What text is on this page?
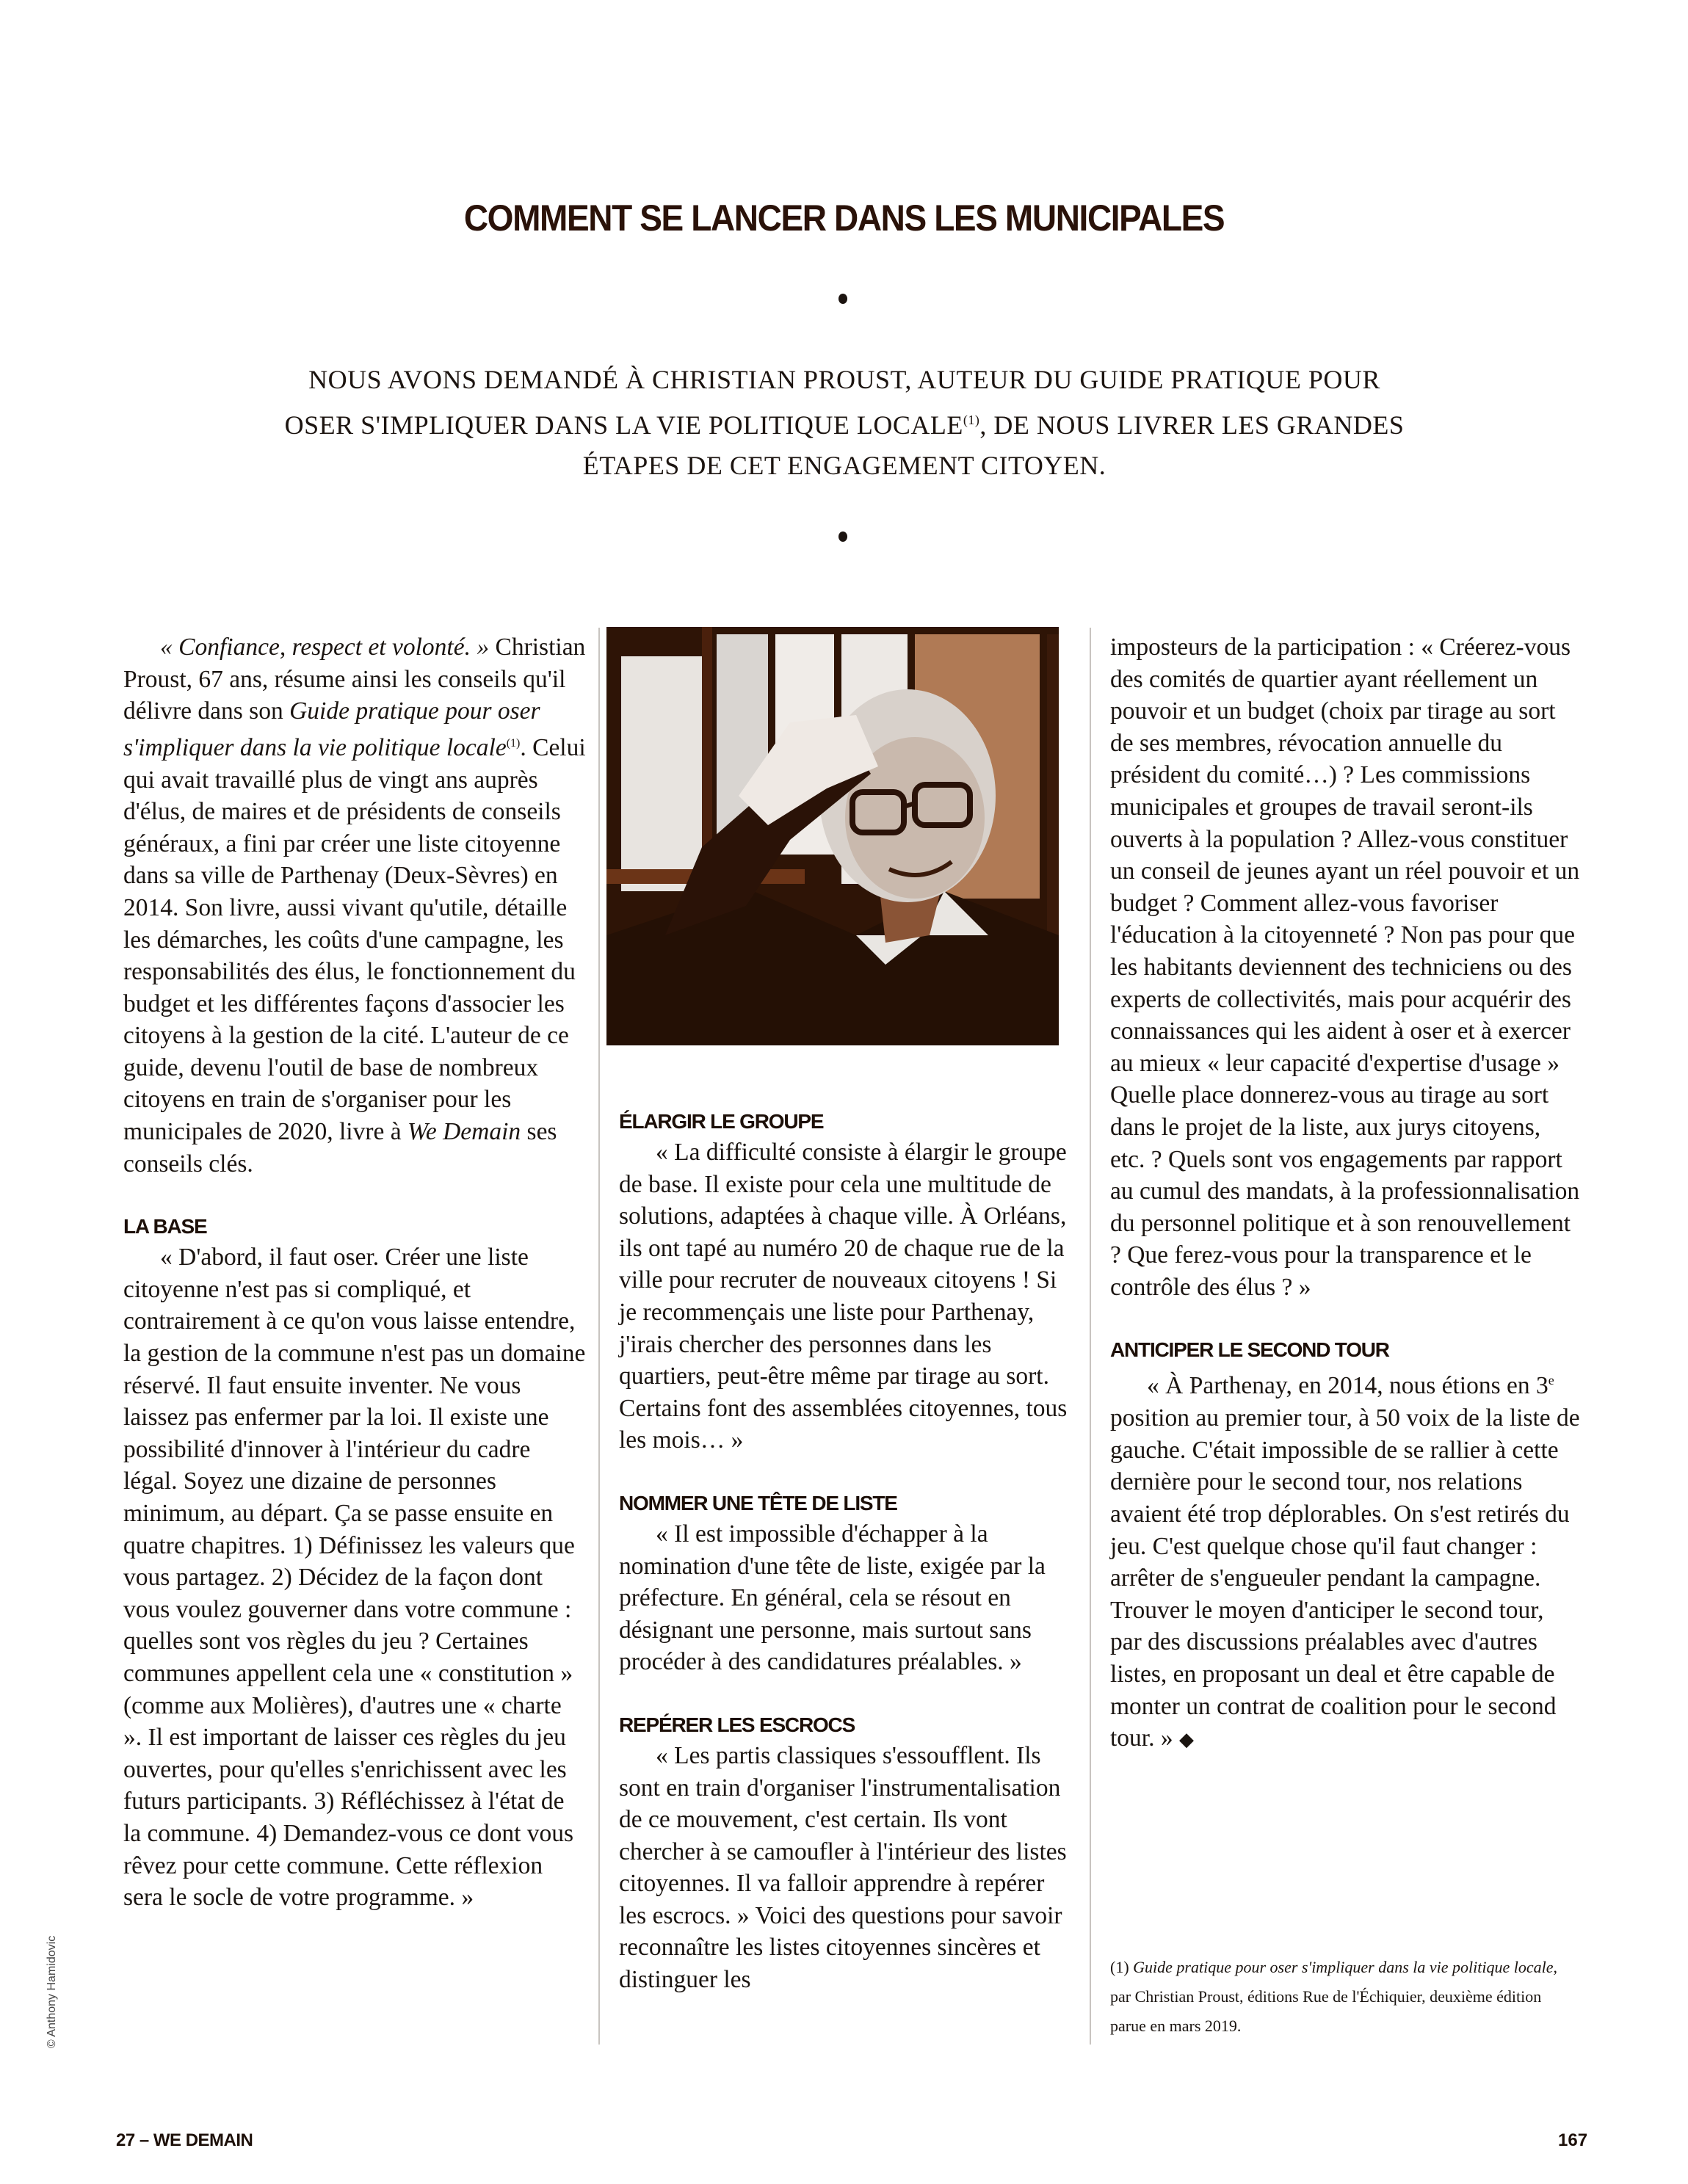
COMMENT SE LANCER DANS LES MUNICIPALES
NOUS AVONS DEMANDÉ À CHRISTIAN PROUST, AUTEUR DU GUIDE PRATIQUE POUR OSER S'IMPLIQUER DANS LA VIE POLITIQUE LOCALE$^{(1)}$, DE NOUS LIVRER LES GRANDES ÉTAPES DE CET ENGAGEMENT CITOYEN.

« Confiance, respect et volonté. » Christian Proust, 67 ans, résume ainsi les conseils qu'il délivre dans son Guide pratique pour oser s'impliquer dans la vie politique locale$^{(1)}$. Celui qui avait travaillé plus de vingt ans auprès d'élus, de maires et de présidents de conseils généraux, a fini par créer une liste citoyenne dans sa ville de Parthenay (Deux-Sèvres) en 2014. Son livre, aussi vivant qu'utile, détaille les démarches, les coûts d'une campagne, les responsabilités des élus, le fonctionnement du budget et les différentes façons d'associer les citoyens à la gestion de la cité. L'auteur de ce guide, devenu l'outil de base de nombreux citoyens en train de s'organiser pour les municipales de 2020, livre à We Demain ses conseils clés.

LA BASE

« D'abord, il faut oser. Créer une liste citoyenne n'est pas si compliqué, et contrairement à ce qu'on vous laisse entendre, la gestion de la commune n'est pas un domaine réservé. Il faut ensuite inventer. Ne vous laissez pas enfermer par la loi. Il existe une possibilité d'innover à l'intérieur du cadre légal. Soyez une dizaine de personnes minimum, au départ. Ça se passe ensuite en quatre chapitres. 1) Définissez les valeurs que vous partagez. 2) Décidez de la façon dont vous voulez gouverner dans votre commune : quelles sont vos règles du jeu ? Certaines communes appellent cela une « constitution » (comme aux Molières), d'autres une « charte ». Il est important de laisser ces règles du jeu ouvertes, pour qu'elles s'enrichissent avec les futurs participants. 3) Réfléchissez à l'état de la commune. 4) Demandez-vous ce dont vous rêvez pour cette commune. Cette réflexion sera le socle de votre programme. »

ÉLARGIR LE GROUPE

« La difficulté consiste à élargir le groupe de base. Il existe pour cela une multitude de solutions, adaptées à chaque ville. À Orléans, ils ont tapé au numéro 20 de chaque rue de la ville pour recruter de nouveaux citoyens ! Si je recommençais une liste pour Parthenay, j'irais chercher des personnes dans les quartiers, peut-être même par tirage au sort. Certains font des assemblées citoyennes, tous les mois… »

NOMMER UNE TÊTE DE LISTE

« Il est impossible d'échapper à la nomination d'une tête de liste, exigée par la préfecture. En général, cela se résout en désignant une personne, mais surtout sans procéder à des candidatures préalables. »

REPÉRER LES ESCROCS

« Les partis classiques s'essoufflent. Ils sont en train d'organiser l'instrumentalisation de ce mouvement, c'est certain. Ils vont chercher à se camoufler à l'intérieur des listes citoyennes. Il va falloir apprendre à repérer les escrocs. » Voici des questions pour savoir reconnaître les listes citoyennes sincères et distinguer les

imposteurs de la participation : « Créerez-vous des comités de quartier ayant réellement un pouvoir et un budget (choix par tirage au sort de ses membres, révocation annuelle du président du comité…) ? Les commissions municipales et groupes de travail seront-ils ouverts à la population ? Allez-vous constituer un conseil de jeunes ayant un réel pouvoir et un budget ? Comment allez-vous favoriser l'éducation à la citoyenneté ? Non pas pour que les habitants deviennent des techniciens ou des experts de collectivités, mais pour acquérir des connaissances qui les aident à oser et à exercer au mieux « leur capacité d'expertise d'usage » Quelle place donnerez-vous au tirage au sort dans le projet de la liste, aux jurys citoyens, etc. ? Quels sont vos engagements par rapport au cumul des mandats, à la professionnalisation du personnel politique et à son renouvellement ? Que ferez-vous pour la transparence et le contrôle des élus ? »

ANTICIPER LE SECOND TOUR

« À Parthenay, en 2014, nous étions en 3e position au premier tour, à 50 voix de la liste de gauche. C'était impossible de se rallier à cette dernière pour le second tour, nos relations avaient été trop déplorables. On s'est retirés du jeu. C'est quelque chose qu'il faut changer : arrêter de s'engueuler pendant la campagne. Trouver le moyen d'anticiper le second tour, par des discussions préalables avec d'autres listes, en proposant un deal et être capable de monter un contrat de coalition pour le second tour. » ◆

(1) Guide pratique pour oser s'impliquer dans la vie politique locale, par Christian Proust, éditions Rue de l'Échiquier, deuxième édition parue en mars 2019.
© Anthony Hamidovic
27 – WE DEMAIN	167
